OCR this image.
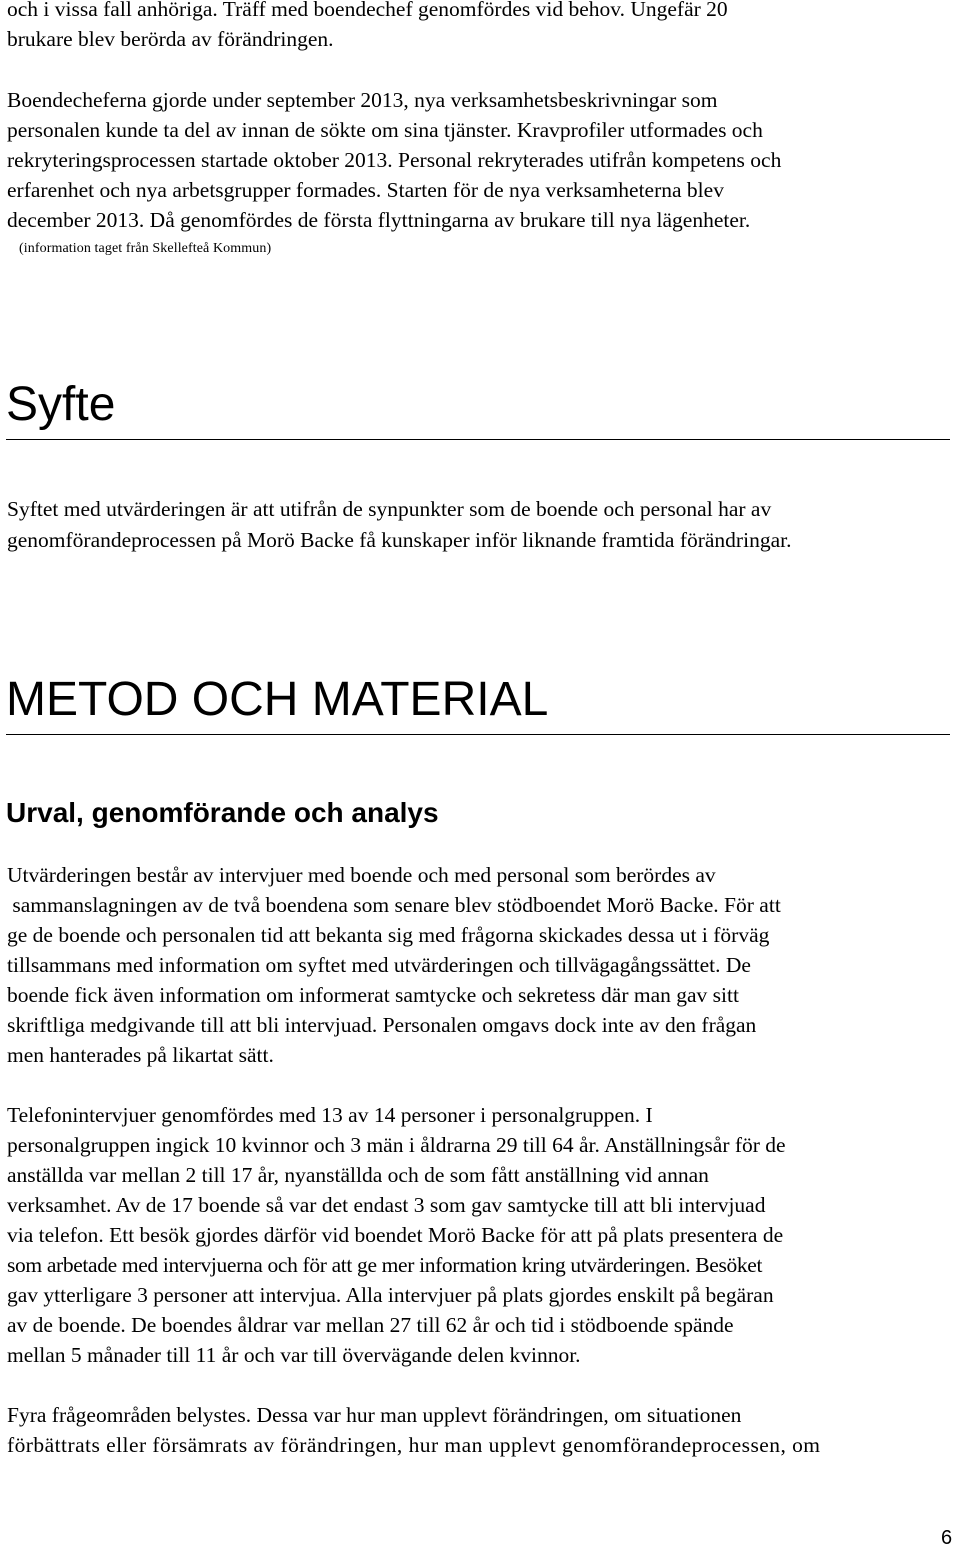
och i vissa fall anhöriga. Träff med boendechef genomfördes vid behov. Ungefär 20
brukare blev berörda av förändringen.
Boendecheferna gjorde under september 2013, nya verksamhetsbeskrivningar som
personalen kunde ta del av innan de sökte om sina tjänster. Kravprofiler utformades och
rekryteringsprocessen startade oktober 2013. Personal rekryterades utifrån kompetens och
erfarenhet och nya arbetsgrupper formades. Starten för de nya verksamheterna blev
december 2013. Då genomfördes de första flyttningarna av brukare till nya lägenheter.
(information taget från Skellefteå Kommun)
Syfte
Syftet med utvärderingen är att utifrån de synpunkter som de boende och personal har av
genomförandeprocessen på Morö Backe få kunskaper inför liknande framtida förändringar.
METOD OCH MATERIAL
Urval, genomförande och analys
Utvärderingen består av intervjuer med boende och med personal som berördes av
sammanslagningen av de två boendena som senare blev stödboendet Morö Backe. För att
ge de boende och personalen tid att bekanta sig med frågorna skickades dessa ut i förväg
tillsammans med information om syftet med utvärderingen och tillvägagångssättet. De
boende fick även information om informerat samtycke och sekretess där man gav sitt
skriftliga medgivande till att bli intervjuad. Personalen omgavs dock inte av den frågan
men hanterades på likartat sätt.
Telefonintervjuer genomfördes med 13 av 14 personer i personalgruppen. I
personalgruppen ingick 10 kvinnor och 3 män i åldrarna 29 till 64 år. Anställningsår för de
anställda var mellan 2 till 17 år, nyanställda och de som fått anställning vid annan
verksamhet. Av de 17 boende så var det endast 3 som gav samtycke till att bli intervjuad
via telefon. Ett besök gjordes därför vid boendet Morö Backe för att på plats presentera de
som arbetade med intervjuerna och för att ge mer information kring utvärderingen. Besöket
gav ytterligare 3 personer att intervjua. Alla intervjuer på plats gjordes enskilt på begäran
av de boende. De boendes åldrar var mellan 27 till 62 år och tid i stödboende spände
mellan 5 månader till 11 år och var till övervägande delen kvinnor.
Fyra frågeområden belystes. Dessa var hur man upplevt förändringen, om situationen
förbättrats eller försämrats av förändringen, hur man upplevt genomförandeprocessen, om
6
